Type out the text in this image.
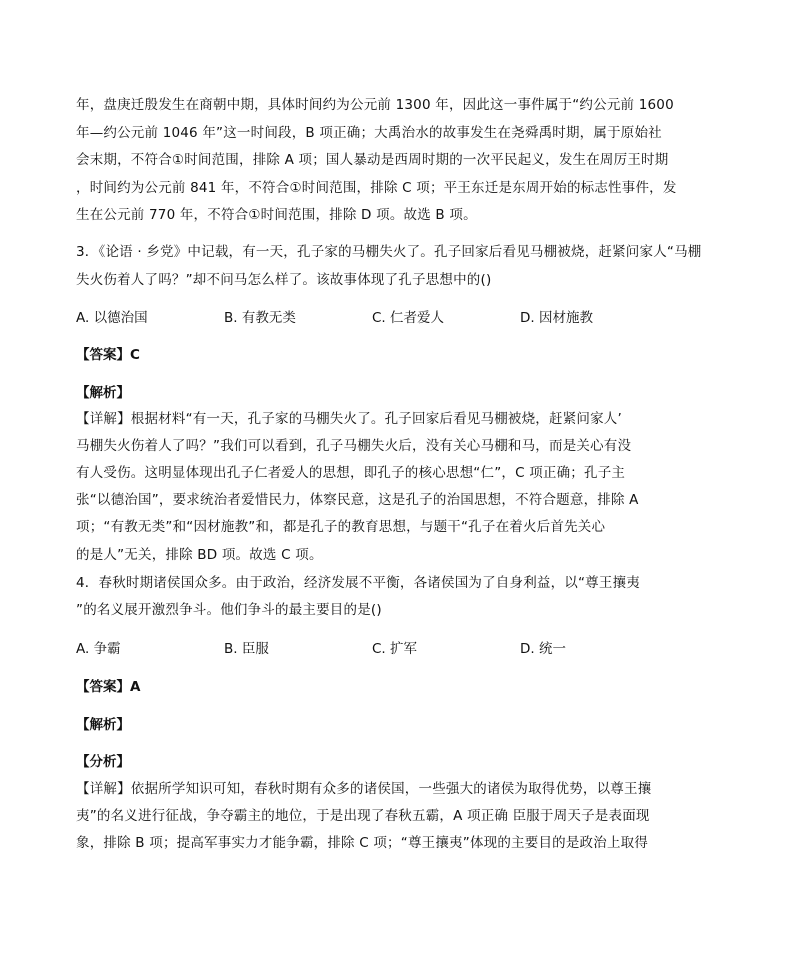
年，盘庚迁殷发生在商朝中期，具体时间约为公元前 1300 年，因此这一事件属于“约公元前 1600
年—约公元前 1046 年”这一时间段，B 项正确；大禹治水的故事发生在尧舜禹时期，属于原始社
会末期，不符合①时间范围，排除 A 项；国人暴动是西周时期的一次平民起义，发生在周厉王时期
，时间约为公元前 841 年，不符合①时间范围，排除 C 项；平王东迁是东周开始的标志性事件，发
生在公元前 770 年，不符合①时间范围，排除 D 项。故选 B 项。
3．《论语 · 乡党》中记载，有一天，孔子家的马棚失火了。孔子回家后看见马棚被烧，赶紧问家人“马棚
失火伤着人了吗？”却不问马怎么样了。该故事体现了孔子思想中的()
A. 以德治国	B. 有教无类	C. 仁者爱人	D. 因材施教
【答案】C
【解析】
【详解】根据材料“有一天，孔子家的马棚失火了。孔子回家后看见马棚被烧，赶紧问家人’
马棚失火伤着人了吗？”我们可以看到，孔子马棚失火后，没有关心马棚和马，而是关心有没
有人受伤。这明显体现出孔子仁者爱人的思想，即孔子的核心思想“仁”，C 项正确；孔子主
张“以德治国”，要求统治者爱惜民力，体察民意，这是孔子的治国思想，不符合题意，排除 A
项；“有教无类”和“因材施教”和，都是孔子的教育思想，与题干“孔子在着火后首先关心
的是人”无关，排除 BD 项。故选 C 项。
4．春秋时期诸侯国众多。由于政治，经济发展不平衡，各诸侯国为了自身利益，以“尊王攘夷
”的名义展开激烈争斗。他们争斗的最主要目的是()
A. 争霸	B. 臣服	C. 扩军	D. 统一
【答案】A
【解析】
【分析】
【详解】依据所学知识可知，春秋时期有众多的诸侯国，一些强大的诸侯为取得优势，以尊王攘
夷”的名义进行征战，争夺霸主的地位，于是出现了春秋五霸，A 项正确 臣服于周天子是表面现
象，排除 B 项；提高军事实力才能争霸，排除 C 项；“尊王攘夷”体现的主要目的是政治上取得
